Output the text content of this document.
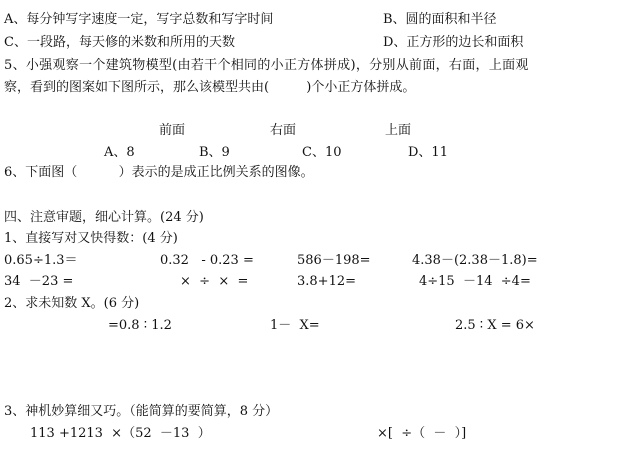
A、每分钟写字速度一定，写字总数和写字时间	B、圆的面积和半径
C、一段路，每天修的米数和所用的天数	D、正方形的边长和面积
5、小强观察一个建筑物模型(由若干个相同的小正方体拼成)，分别从前面，右面，上面观
察，看到的图案如下图所示，那么该模型共由(         )个小正方体拼成。
前面	右面	上面
A、8	B、9	C、10	D、11
6、下面图（          ）表示的是成正比例关系的图像。
四、注意审题，细心计算。(24 分)
1、直接写对又快得数：(4 分)
0.65÷1.3＝	0.32   - 0.23 =	586－198=	4.38－(2.38－1.8)=
34  －23 =	×  ÷  ×  =	3.8+12=	4÷15  －14  ÷4=
2、求未知数 X。(6 分)
=0.8 ∶ 1.2	1－  X=	2.5 ∶ X = 6×
3、神机妙算细又巧。（能简算的要简算，8 分）
113 +1213  ×（52  －13  ）	×[  ÷（  －  ）]
